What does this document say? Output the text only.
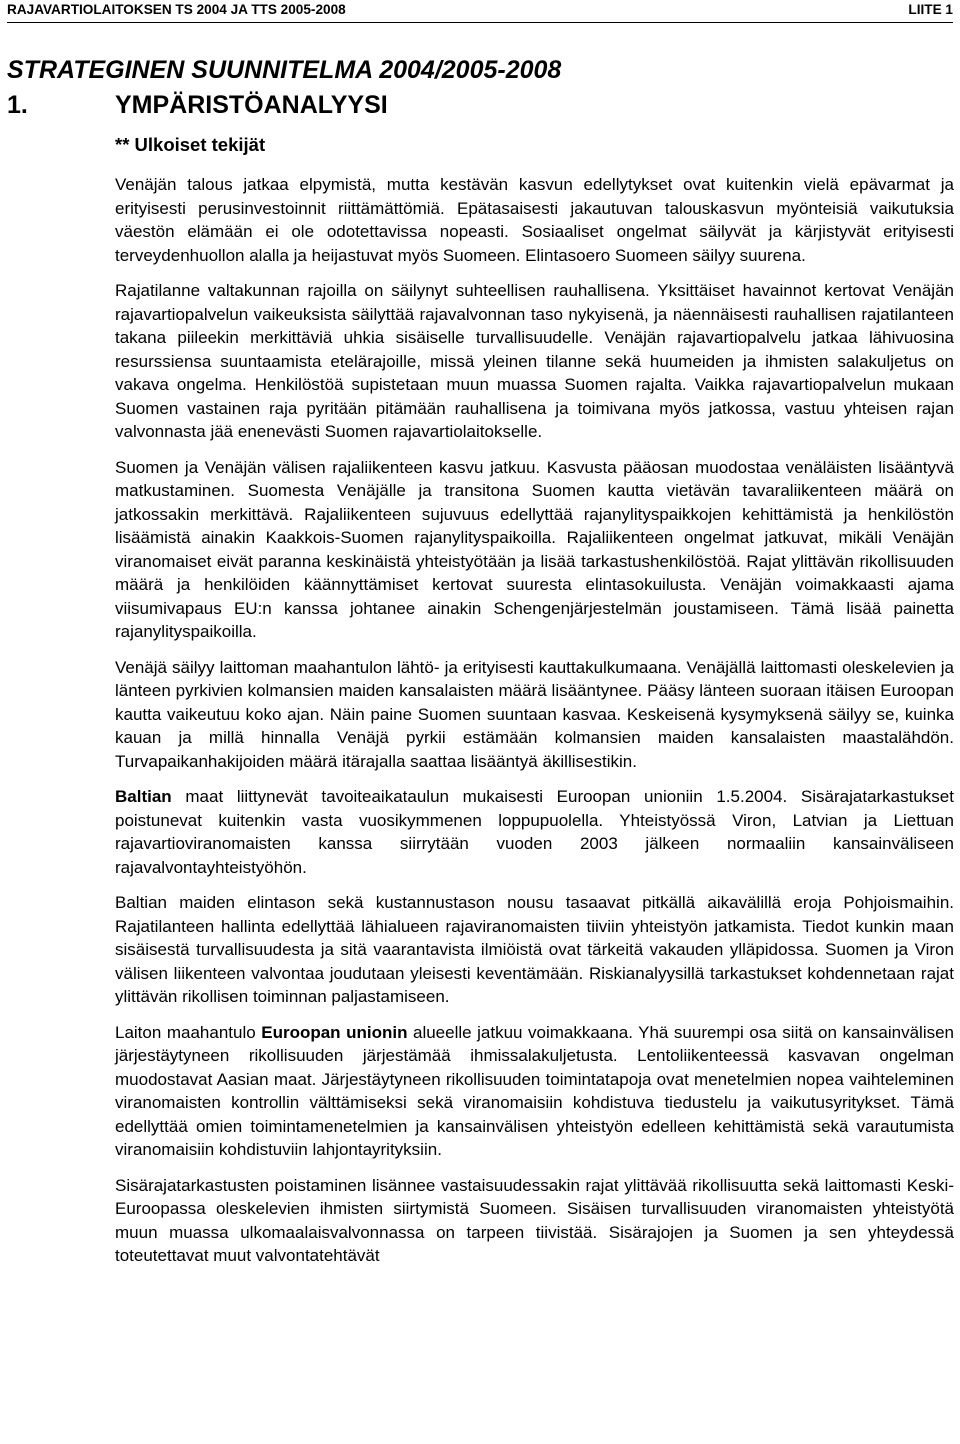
RAJAVARTIOLAITOKSEN TS 2004 JA TTS 2005-2008	LIITE 1
STRATEGINEN SUUNNITELMA 2004/2005-2008
1.	YMPÄRISTÖANALYYSI
** Ulkoiset tekijät

Venäjän talous jatkaa elpymistä, mutta kestävän kasvun edellytykset ovat kuitenkin vielä epävarmat ja erityisesti perusinvestoinnit riittämättömiä. Epätasaisesti jakautuvan talouskasvun myönteisiä vaikutuksia väestön elämään ei ole odotettavissa nopeasti. Sosiaaliset ongelmat säilyvät ja kärjistyvät erityisesti terveydenhuollon alalla ja heijastuvat myös Suomeen. Elintasoero Suomeen säilyy suurena.

Rajatilanne valtakunnan rajoilla on säilynyt suhteellisen rauhallisena. Yksittäiset havainnot kertovat Venäjän rajavartiopalvelun vaikeuksista säilyttää rajavalvonnan taso nykyisenä, ja näennäisesti rauhallisen rajatilanteen takana piileekin merkittäviä uhkia sisäiselle turvallisuudelle. Venäjän rajavartiopalvelu jatkaa lähivuosina resurssiensa suuntaamista etelärajoille, missä yleinen tilanne sekä huumeiden ja ihmisten salakuljetus on vakava ongelma. Henkilöstöä supistetaan muun muassa Suomen rajalta. Vaikka rajavartiopalvelun mukaan Suomen vastainen raja pyritään pitämään rauhallisena ja toimivana myös jatkossa, vastuu yhteisen rajan valvonnasta jää enenevästi Suomen rajavartiolaitokselle.

Suomen ja Venäjän välisen rajaliikenteen kasvu jatkuu. Kasvusta pääosan muodostaa venäläisten lisääntyvä matkustaminen. Suomesta Venäjälle ja transitona Suomen kautta vietävän tavaraliikenteen määrä on jatkossakin merkittävä. Rajaliikenteen sujuvuus edellyttää rajanylityspaikkojen kehittämistä ja henkilöstön lisäämistä ainakin Kaakkois-Suomen rajanylityspaikoilla. Rajaliikenteen ongelmat jatkuvat, mikäli Venäjän viranomaiset eivät paranna keskinäistä yhteistyötään ja lisää tarkastushenkilöstöä. Rajat ylittävän rikollisuuden määrä ja henkilöiden käännyttämiset kertovat suuresta elintasokuilusta. Venäjän voimakkaasti ajama viisumivapaus EU:n kanssa johtanee ainakin Schengenjärjestelmän joustamiseen. Tämä lisää painetta rajanylityspaikoilla.

Venäjä säilyy laittoman maahantulon lähtö- ja erityisesti kauttakulkumaana. Venäjällä laittomasti oleskelevien ja länteen pyrkivien kolmansien maiden kansalaisten määrä lisääntynee. Pääsy länteen suoraan itäisen Euroopan kautta vaikeutuu koko ajan. Näin paine Suomen suuntaan kasvaa. Keskeisenä kysymyksenä säilyy se, kuinka kauan ja millä hinnalla Venäjä pyrkii estämään kolmansien maiden kansalaisten maastalähdön. Turvapaikanhakijoiden määrä itärajalla saattaa lisääntyä äkillisestikin.

Baltian maat liittynevät tavoiteaikataulun mukaisesti Euroopan unioniin 1.5.2004. Sisärajatarkastukset poistunevat kuitenkin vasta vuosikymmenen loppupuolella. Yhteistyössä Viron, Latvian ja Liettuan rajavartioviranomaisten kanssa siirrytään vuoden 2003 jälkeen normaaliin kansainväliseen rajavalvontayhteistyöhön.

Baltian maiden elintason sekä kustannustason nousu tasaavat pitkällä aikavälillä eroja Pohjoismaihin. Rajatilanteen hallinta edellyttää lähialueen rajaviranomaisten tiiviin yhteistyön jatkamista. Tiedot kunkin maan sisäisestä turvallisuudesta ja sitä vaarantavista ilmiöistä ovat tärkeitä vakauden ylläpidossa. Suomen ja Viron välisen liikenteen valvontaa joudutaan yleisesti keventämään. Riskianalyysillä tarkastukset kohdennetaan rajat ylittävän rikollisen toiminnan paljastamiseen.

Laiton maahantulo Euroopan unionin alueelle jatkuu voimakkaana. Yhä suurempi osa siitä on kansainvälisen järjestäytyneen rikollisuuden järjestämää ihmissalakuljetusta. Lentoliikenteessä kasvavan ongelman muodostavat Aasian maat. Järjestäytyneen rikollisuuden toimintatapoja ovat menetelmien nopea vaihteleminen viranomaisten kontrollin välttämiseksi sekä viranomaisiin kohdistuva tiedustelu ja vaikutusyritykset. Tämä edellyttää omien toimintamenetelmien ja kansainvälisen yhteistyön edelleen kehittämistä sekä varautumista viranomaisiin kohdistuviin lahjontayrityksiin.

Sisärajatarkastusten poistaminen lisännee vastaisuudessakin rajat ylittävää rikollisuutta sekä laittomasti Keski-Euroopassa oleskelevien ihmisten siirtymistä Suomeen. Sisäisen turvallisuuden viranomaisten yhteistyötä muun muassa ulkomaalaisvalvonnassa on tarpeen tiivistää. Sisärajojen ja Suomen ja sen yhteydessä toteutettavat muut valvontatehtävät
